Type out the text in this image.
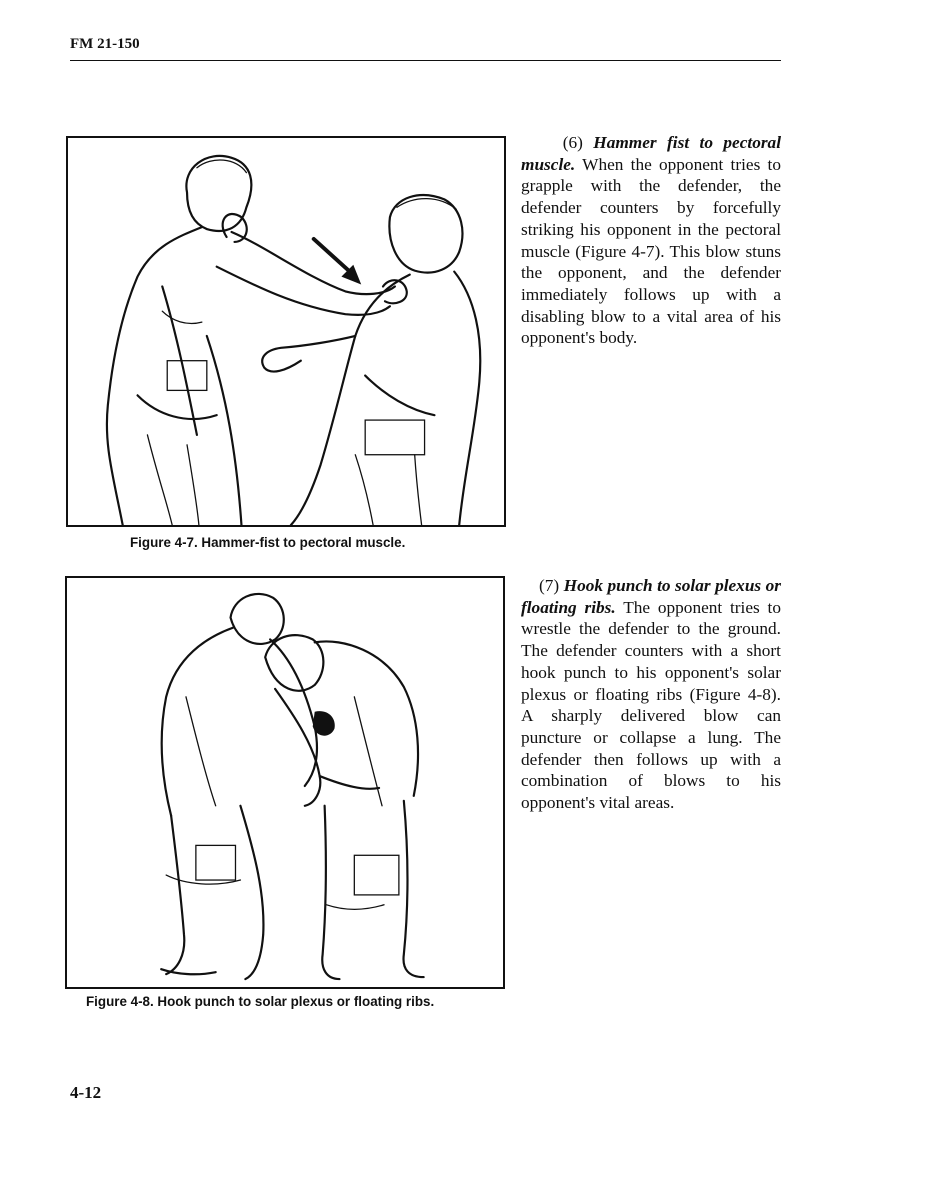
FM 21-150
Figure 4-7. Hammer-fist to pectoral muscle.

(6) Hammer fist to pectoral muscle. When the opponent tries to grapple with the defender, the defender counters by forcefully striking his opponent in the pectoral muscle (Figure 4-7). This blow stuns the opponent, and the defender immediately follows up with a disabling blow to a vital area of his opponent's body.

Figure 4-8. Hook punch to solar plexus or floating ribs.

(7) Hook punch to solar plexus or floating ribs. The opponent tries to wrestle the defender to the ground. The defender counters with a short hook punch to his opponent's solar plexus or floating ribs (Figure 4-8). A sharply delivered blow can puncture or collapse a lung. The defender then follows up with a combination of blows to his opponent's vital areas.

4-12
